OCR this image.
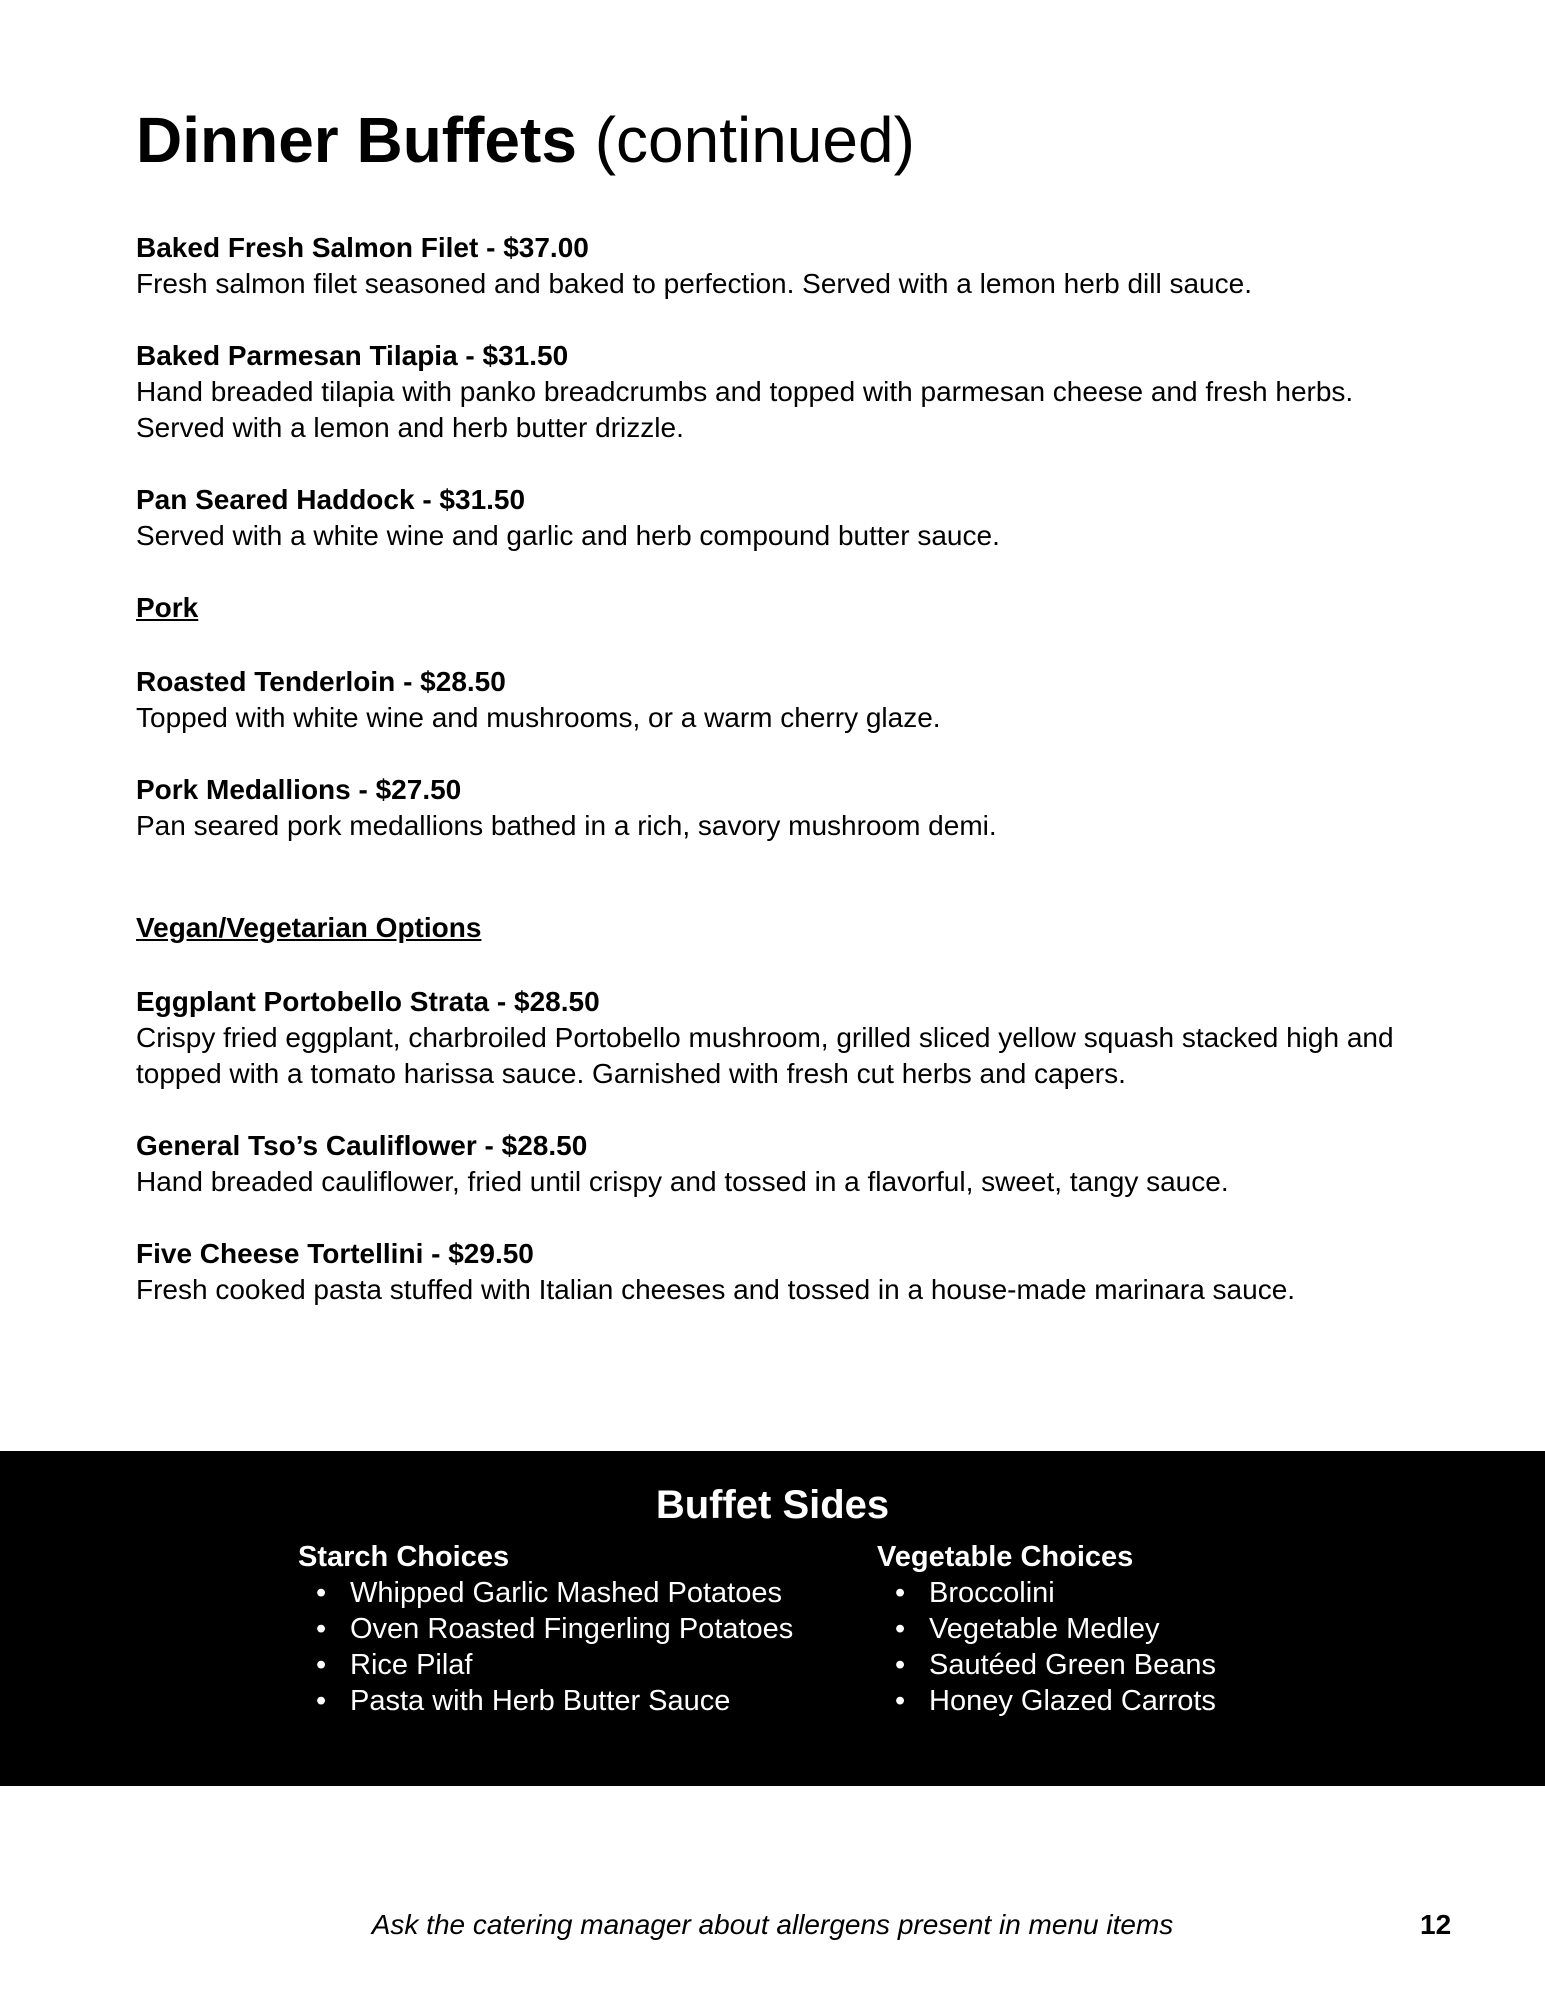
Dinner Buffets (continued)
Baked Fresh Salmon Filet - $37.00
Fresh salmon filet seasoned and baked to perfection. Served with a lemon herb dill sauce.
Baked Parmesan Tilapia - $31.50
Hand breaded tilapia with panko breadcrumbs and topped with parmesan cheese and fresh herbs. Served with a lemon and herb butter drizzle.
Pan Seared Haddock - $31.50
Served with a white wine and garlic and herb compound butter sauce.
Pork
Roasted Tenderloin - $28.50
Topped with white wine and mushrooms, or a warm cherry glaze.
Pork Medallions - $27.50
Pan seared pork medallions bathed in a rich, savory mushroom demi.
Vegan/Vegetarian Options
Eggplant Portobello Strata - $28.50
Crispy fried eggplant, charbroiled Portobello mushroom, grilled sliced yellow squash stacked high and topped with a tomato harissa sauce. Garnished with fresh cut herbs and capers.
General Tso’s Cauliflower - $28.50
Hand breaded cauliflower, fried until crispy and tossed in a flavorful, sweet, tangy sauce.
Five Cheese Tortellini - $29.50
Fresh cooked pasta stuffed with Italian cheeses and tossed in a house-made marinara sauce.
Buffet Sides
Starch Choices
• Whipped Garlic Mashed Potatoes
• Oven Roasted Fingerling Potatoes
• Rice Pilaf
• Pasta with Herb Butter Sauce
Vegetable Choices
• Broccolini
• Vegetable Medley
• Sautéed Green Beans
• Honey Glazed Carrots
Ask the catering manager about allergens present in menu items	12
